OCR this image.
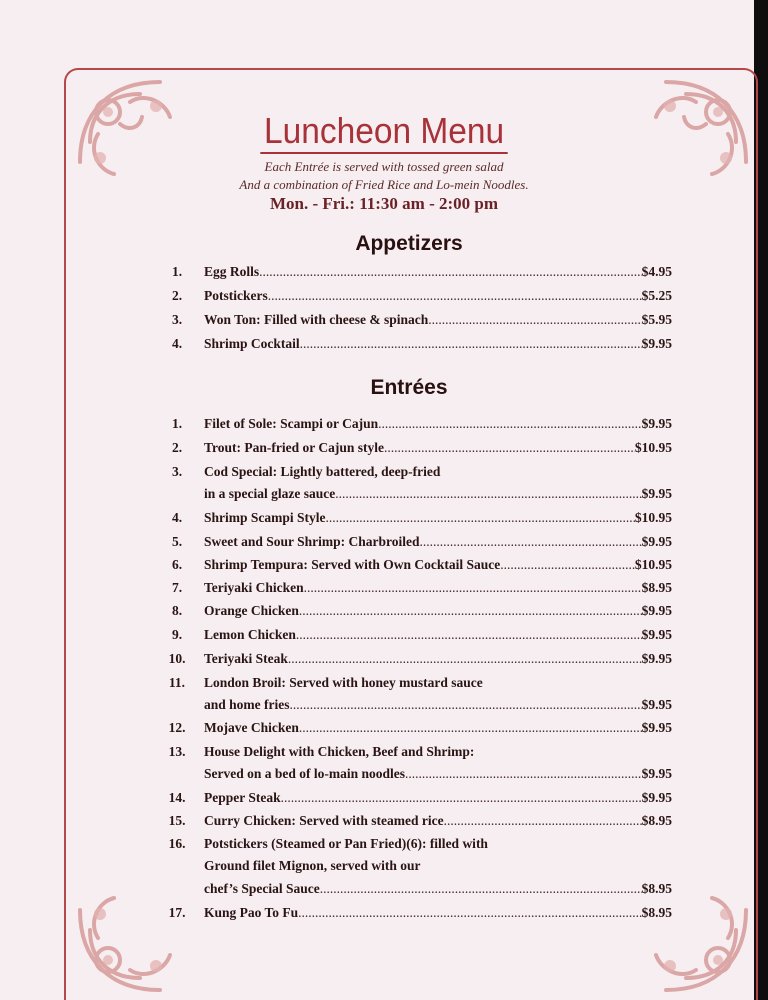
Luncheon Menu
Each Entrée is served with tossed green salad
And a combination of Fried Rice and Lo-mein Noodles.
Mon. - Fri.: 11:30 am - 2:00 pm
Appetizers
Entrées
1.	Egg Rolls .....	$4.95
2.	Potstickers .....	$5.25
3.	Won Ton: Filled with cheese & spinach .....	$5.95
4.	Shrimp Cocktail .....	$9.95
1.	Filet of Sole: Scampi or Cajun .....	$9.95
2.	Trout: Pan-fried or Cajun style .....	$10.95
3.	Cod Special: Lightly battered, deep-fried
in a special glaze sauce .....	$9.95
4.	Shrimp Scampi Style .....	$10.95
5.	Sweet and Sour Shrimp: Charbroiled .....	$9.95
6.	Shrimp Tempura: Served with Own Cocktail Sauce .....	$10.95
7.	Teriyaki Chicken .....	$8.95
8.	Orange Chicken .....	$9.95
9.	Lemon Chicken .....	$9.95
10.	Teriyaki Steak .....	$9.95
11.	London Broil: Served with honey mustard sauce
and home fries .....	$9.95
12.	Mojave Chicken .....	$9.95
13.	House Delight with Chicken, Beef and Shrimp:
Served on a bed of lo-main noodles .....	$9.95
14.	Pepper Steak .....	$9.95
15.	Curry Chicken: Served with steamed rice .....	$8.95
16.	Potstickers (Steamed or Pan Fried)(6): filled with
Ground filet Mignon, served with our
chef’s Special Sauce .....	$8.95
17.	Kung Pao To Fu .....	$8.95
